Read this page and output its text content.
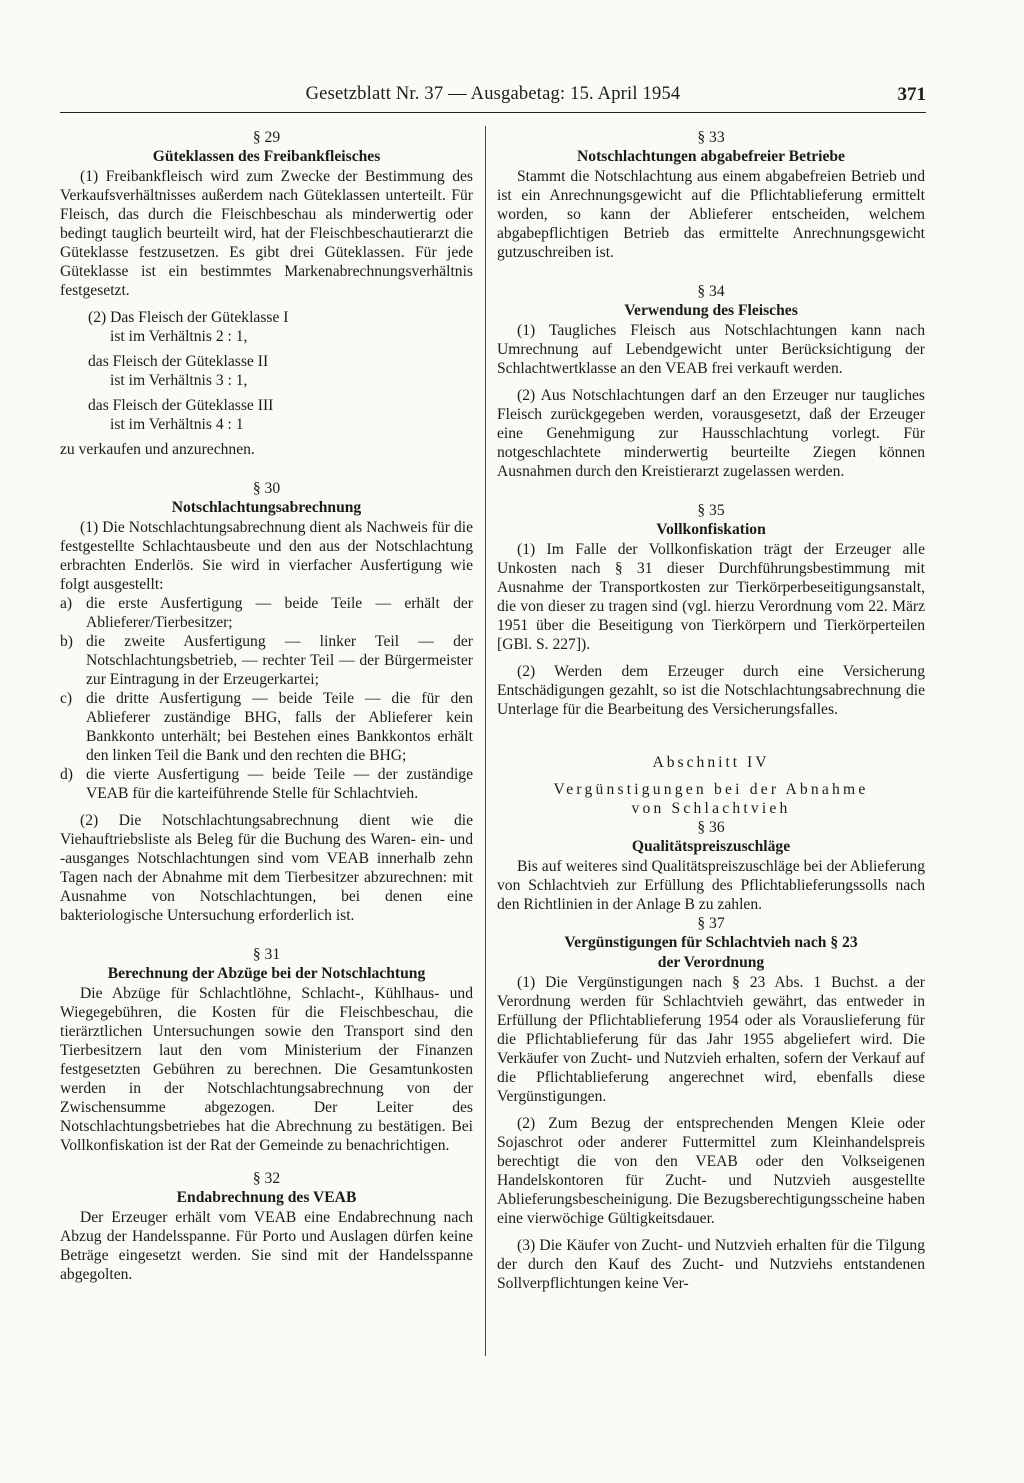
Gesetzblatt Nr. 37 — Ausgabetag: 15. April 1954	371
§ 29
Güteklassen des Freibankfleisches

(1) Freibankfleisch wird zum Zwecke der Bestimmung des Verkaufsverhältnisses außerdem nach Güteklassen unterteilt. Für Fleisch, das durch die Fleischbeschau als minderwertig oder bedingt tauglich beurteilt wird, hat der Fleischbeschautierarzt die Güteklasse festzusetzen. Es gibt drei Güteklassen. Für jede Güteklasse ist ein bestimmtes Markenabrechnungsverhältnis festgesetzt.

(2) Das Fleisch der Güteklasse I
ist im Verhältnis 2 : 1,
das Fleisch der Güteklasse II
ist im Verhältnis 3 : 1,
das Fleisch der Güteklasse III
ist im Verhältnis 4 : 1

zu verkaufen und anzurechnen.

§ 30
Notschlachtungsabrechnung

(1) Die Notschlachtungsabrechnung dient als Nachweis für die festgestellte Schlachtausbeute und den aus der Notschlachtung erbrachten Enderlös. Sie wird in vierfacher Ausfertigung wie folgt ausgestellt:

a) die erste Ausfertigung — beide Teile — erhält der Ablieferer/Tierbesitzer;
b) die zweite Ausfertigung — linker Teil — der Notschlachtungsbetrieb, — rechter Teil — der Bürgermeister zur Eintragung in der Erzeugerkartei;
c) die dritte Ausfertigung — beide Teile — die für den Ablieferer zuständige BHG, falls der Ablieferer kein Bankkonto unterhält; bei Bestehen eines Bankkontos erhält den linken Teil die Bank und den rechten die BHG;
d) die vierte Ausfertigung — beide Teile — der zuständige VEAB für die karteiführende Stelle für Schlachtvieh.

(2) Die Notschlachtungsabrechnung dient wie die Viehauftriebsliste als Beleg für die Buchung des Waren- ein- und -ausganges Notschlachtungen sind vom VEAB innerhalb zehn Tagen nach der Abnahme mit dem Tierbesitzer abzurechnen: mit Ausnahme von Notschlachtungen, bei denen eine bakteriologische Untersuchung erforderlich ist.

§ 31
Berechnung der Abzüge bei der Notschlachtung

Die Abzüge für Schlachtlöhne, Schlacht-, Kühlhaus- und Wiegegebühren, die Kosten für die Fleischbeschau, die tierärztlichen Untersuchungen sowie den Transport sind den Tierbesitzern laut den vom Ministerium der Finanzen festgesetzten Gebühren zu berechnen. Die Gesamtunkosten werden in der Notschlachtungsabrechnung von der Zwischensumme abgezogen. Der Leiter des Notschlachtungsbetriebes hat die Abrechnung zu bestätigen. Bei Vollkonfiskation ist der Rat der Gemeinde zu benachrichtigen.

§ 32
Endabrechnung des VEAB

Der Erzeuger erhält vom VEAB eine Endabrechnung nach Abzug der Handelsspanne. Für Porto und Auslagen dürfen keine Beträge eingesetzt werden. Sie sind mit der Handelsspanne abgegolten.

§ 33
Notschlachtungen abgabefreier Betriebe

Stammt die Notschlachtung aus einem abgabefreien Betrieb und ist ein Anrechnungsgewicht auf die Pflichtablieferung ermittelt worden, so kann der Ablieferer entscheiden, welchem abgabepflichtigen Betrieb das ermittelte Anrechnungsgewicht gutzuschreiben ist.

§ 34
Verwendung des Fleisches

(1) Taugliches Fleisch aus Notschlachtungen kann nach Umrechnung auf Lebendgewicht unter Berücksichtigung der Schlachtwertklasse an den VEAB frei verkauft werden.

(2) Aus Notschlachtungen darf an den Erzeuger nur taugliches Fleisch zurückgegeben werden, vorausgesetzt, daß der Erzeuger eine Genehmigung zur Hausschlachtung vorlegt. Für notgeschlachtete minderwertig beurteilte Ziegen können Ausnahmen durch den Kreistierarzt zugelassen werden.

§ 35
Vollkonfiskation

(1) Im Falle der Vollkonfiskation trägt der Erzeuger alle Unkosten nach § 31 dieser Durchführungsbestimmung mit Ausnahme der Transportkosten zur Tierkörperbeseitigungsanstalt, die von dieser zu tragen sind (vgl. hierzu Verordnung vom 22. März 1951 über die Beseitigung von Tierkörpern und Tierkörperteilen [GBl. S. 227]).

(2) Werden dem Erzeuger durch eine Versicherung Entschädigungen gezahlt, so ist die Notschlachtungsabrechnung die Unterlage für die Bearbeitung des Versicherungsfalles.

Abschnitt IV
Vergünstigungen bei der Abnahme
von Schlachtvieh
§ 36
Qualitätspreiszuschläge

Bis auf weiteres sind Qualitätspreiszuschläge bei der Ablieferung von Schlachtvieh zur Erfüllung des Pflichtablieferungssolls nach den Richtlinien in der Anlage B zu zahlen.

§ 37
Vergünstigungen für Schlachtvieh nach § 23
der Verordnung

(1) Die Vergünstigungen nach § 23 Abs. 1 Buchst. a der Verordnung werden für Schlachtvieh gewährt, das entweder in Erfüllung der Pflichtablieferung 1954 oder als Vorauslieferung für die Pflichtablieferung für das Jahr 1955 abgeliefert wird. Die Verkäufer von Zucht- und Nutzvieh erhalten, sofern der Verkauf auf die Pflichtablieferung angerechnet wird, ebenfalls diese Vergünstigungen.

(2) Zum Bezug der entsprechenden Mengen Kleie oder Sojaschrot oder anderer Futtermittel zum Kleinhandelspreis berechtigt die von den VEAB oder den Volkseigenen Handelskontoren für Zucht- und Nutzvieh ausgestellte Ablieferungsbescheinigung. Die Bezugsberechtigungsscheine haben eine vierwöchige Gültigkeitsdauer.

(3) Die Käufer von Zucht- und Nutzvieh erhalten für die Tilgung der durch den Kauf des Zucht- und Nutzviehs entstandenen Sollverpflichtungen keine Ver-
